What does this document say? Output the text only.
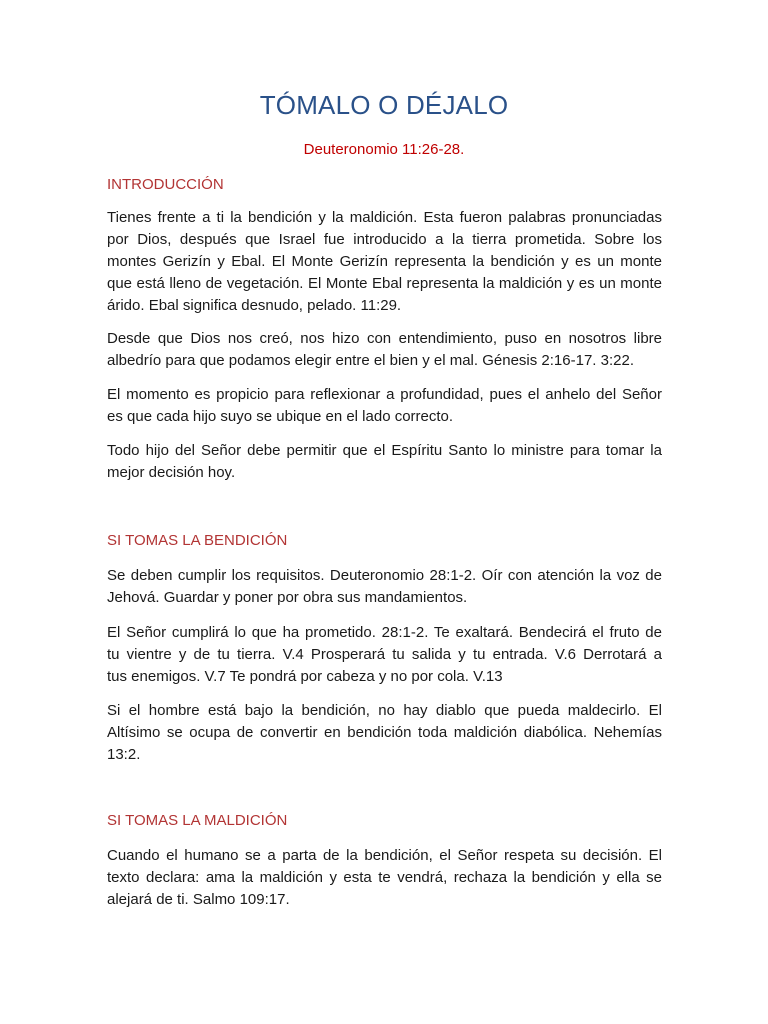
TÓMALO O DÉJALO

Deuteronomio 11:26-28.

INTRODUCCIÓN

Tienes frente a ti la bendición y la maldición. Esta fueron palabras pronunciadas
por Dios, después que Israel fue introducido a la tierra prometida. Sobre los
montes Gerizín y Ebal. El Monte Gerizín representa la bendición y es un monte
que está lleno de vegetación. El Monte Ebal representa la maldición y es un monte
árido. Ebal significa desnudo, pelado. 11:29.

Desde que Dios nos creó, nos hizo con entendimiento, puso en nosotros libre
albedrío para que podamos elegir entre el bien y el mal. Génesis 2:16-17. 3:22.

El momento es propicio para reflexionar a profundidad, pues el anhelo del Señor
es que cada hijo suyo se ubique en el lado correcto.

Todo hijo del Señor debe permitir que el Espíritu Santo lo ministre para tomar la
mejor decisión hoy.

SI TOMAS LA BENDICIÓN

Se deben cumplir los requisitos. Deuteronomio 28:1-2. Oír con atención la voz de
Jehová. Guardar y poner por obra sus mandamientos.

El Señor cumplirá lo que ha prometido. 28:1-2. Te exaltará. Bendecirá el fruto de
tu vientre y de tu tierra. V.4 Prosperará tu salida y tu entrada. V.6 Derrotará a
tus enemigos. V.7 Te pondrá por cabeza y no por cola. V.13

Si el hombre está bajo la bendición, no hay diablo que pueda maldecirlo. El
Altísimo se ocupa de convertir en bendición toda maldición diabólica. Nehemías
13:2.

SI TOMAS LA MALDICIÓN

Cuando el humano se a parta de la bendición, el Señor respeta su decisión. El
texto declara: ama la maldición y esta te vendrá, rechaza la bendición y ella se
alejará de ti. Salmo 109:17.
